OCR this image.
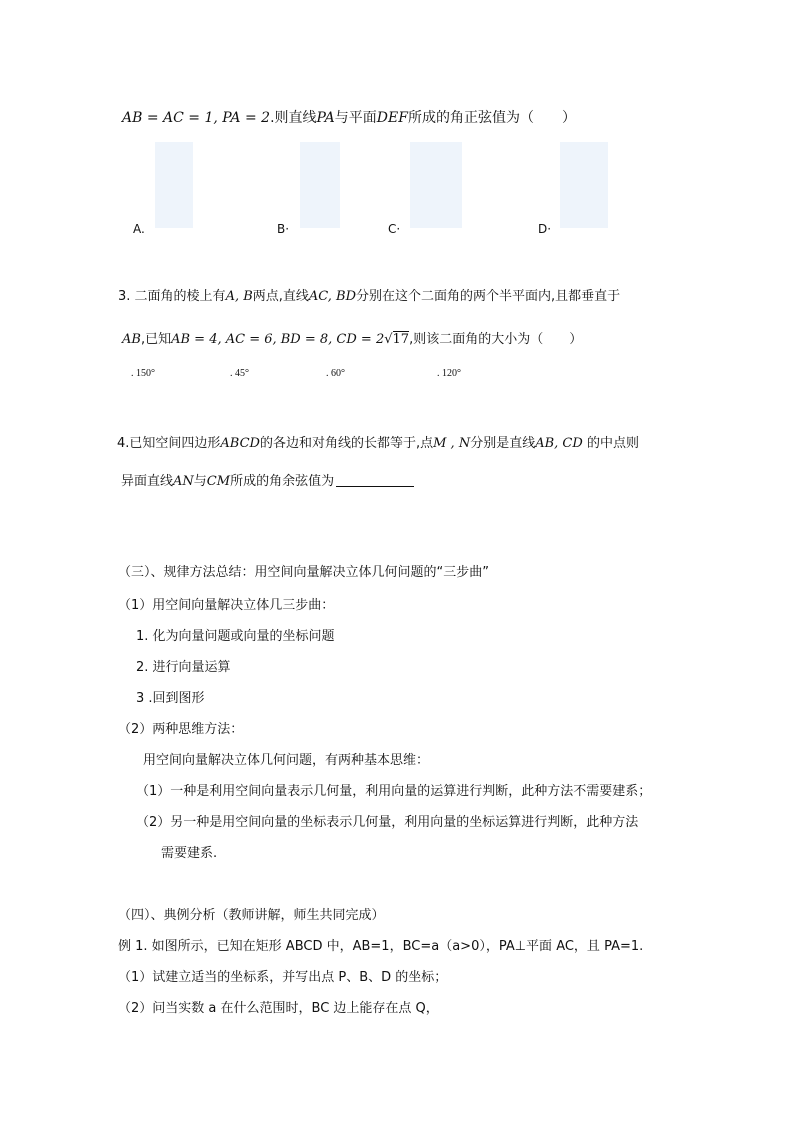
AB = AC = 1, PA = 2.则直线PA与平面DEF所成的角正弦值为（　　）
A.	B·	C·	D·
3. 二面角的棱上有A, B两点,直线AC, BD分别在这个二面角的两个半平面内,且都垂直于
AB,已知AB = 4, AC = 6, BD = 8, CD = 2√17,则该二面角的大小为（　　）
. 150°	. 45°	. 60°	. 120°
4.已知空间四边形ABCD的各边和对角线的长都等于,点M , N分别是直线AB, CD 的中点则
异面直线AN与CM所成的角余弦值为
（三）、规律方法总结：用空间向量解决立体几何问题的“三步曲”
（1）用空间向量解决立体几三步曲：
1. 化为向量问题或向量的坐标问题
2. 进行向量运算
3 .回到图形
（2）两种思维方法：
用空间向量解决立体几何问题，有两种基本思维：
（1）一种是利用空间向量表示几何量，利用向量的运算进行判断，此种方法不需要建系；
（2）另一种是用空间向量的坐标表示几何量，利用向量的坐标运算进行判断，此种方法
需要建系.
（四）、典例分析（教师讲解，师生共同完成）
例 1. 如图所示，已知在矩形 ABCD 中，AB=1，BC=a（a>0），PA⊥平面 AC，且 PA=1.
（1）试建立适当的坐标系，并写出点 P、B、D 的坐标；
（2）问当实数 a 在什么范围时，BC 边上能存在点 Q，
